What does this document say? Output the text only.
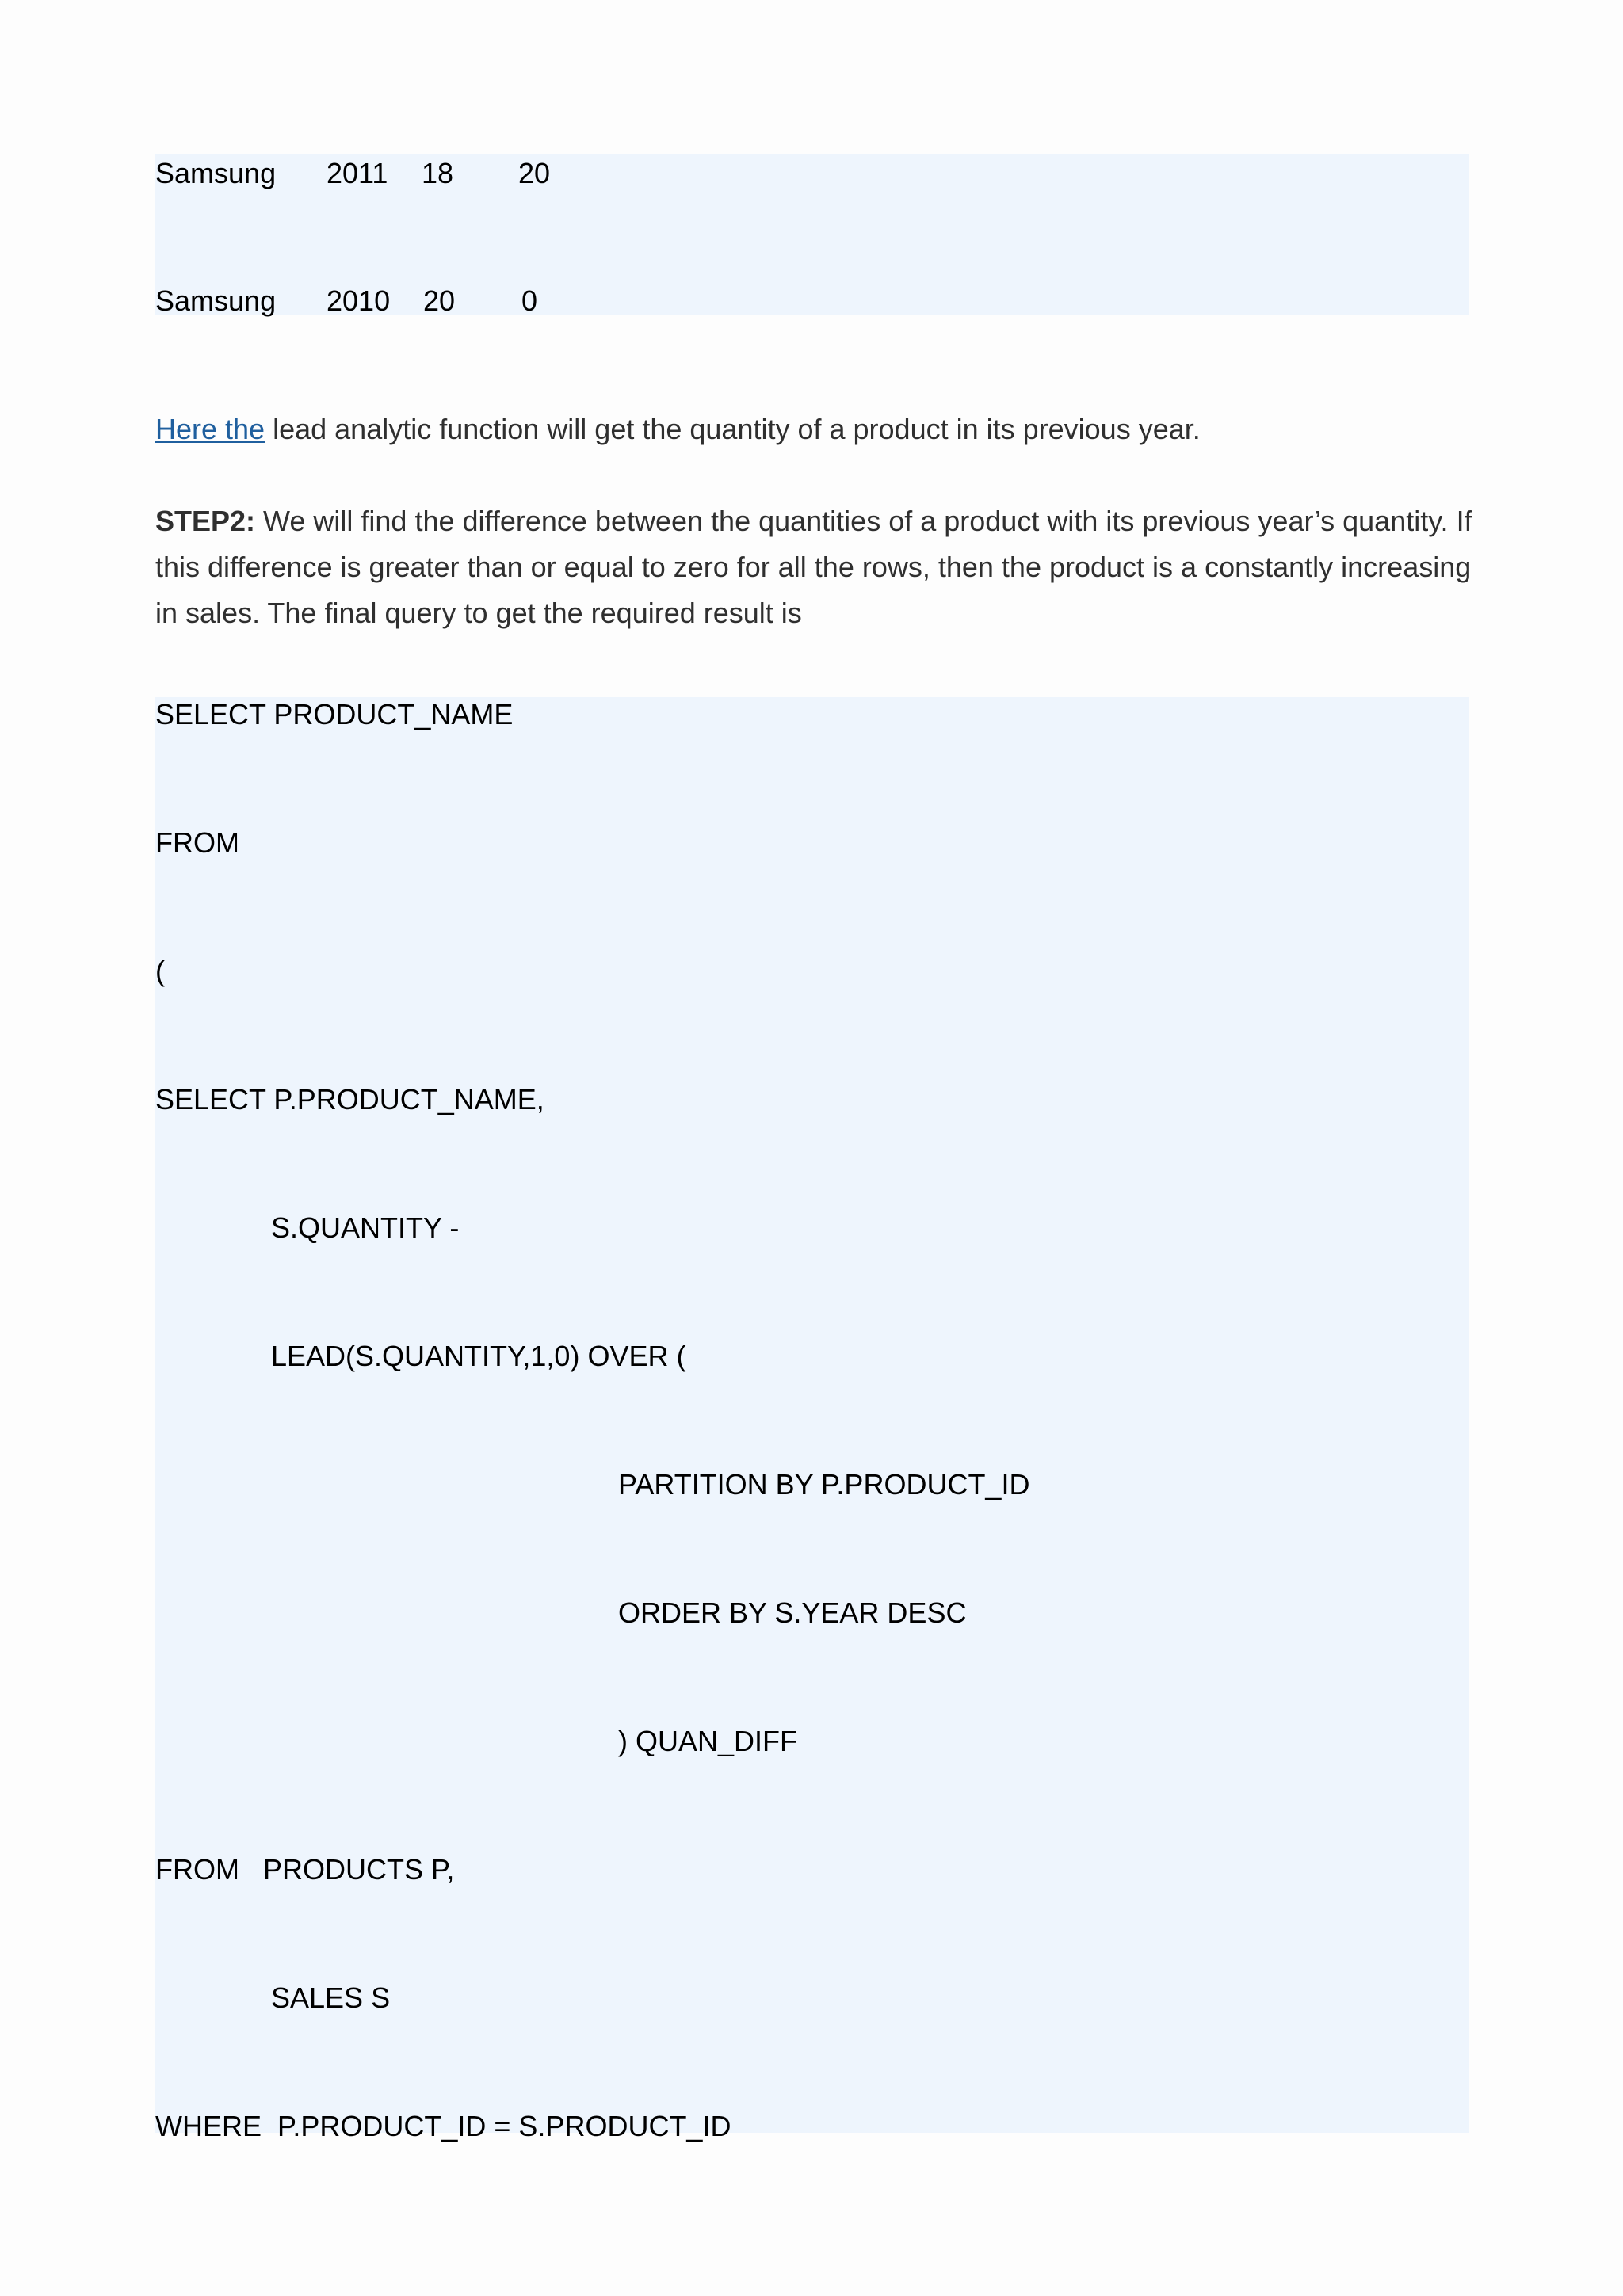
Samsung

2011

18

20

Samsung

2010

20

0

Here the lead analytic function will get the quantity of a product in its previous year.

STEP2: We will find the difference between the quantities of a product with its previous year’s quantity. If this difference is greater than or equal to zero for all the rows, then the product is a constantly increasing in sales. The final query to get the required result is

SELECT PRODUCT_NAME
FROM
(
SELECT P.PRODUCT_NAME,
S.QUANTITY -
LEAD(S.QUANTITY,1,0) OVER (
PARTITION BY P.PRODUCT_ID
ORDER BY S.YEAR DESC
) QUAN_DIFF
FROM   PRODUCTS P,
SALES S
WHERE  P.PRODUCT_ID = S.PRODUCT_ID
